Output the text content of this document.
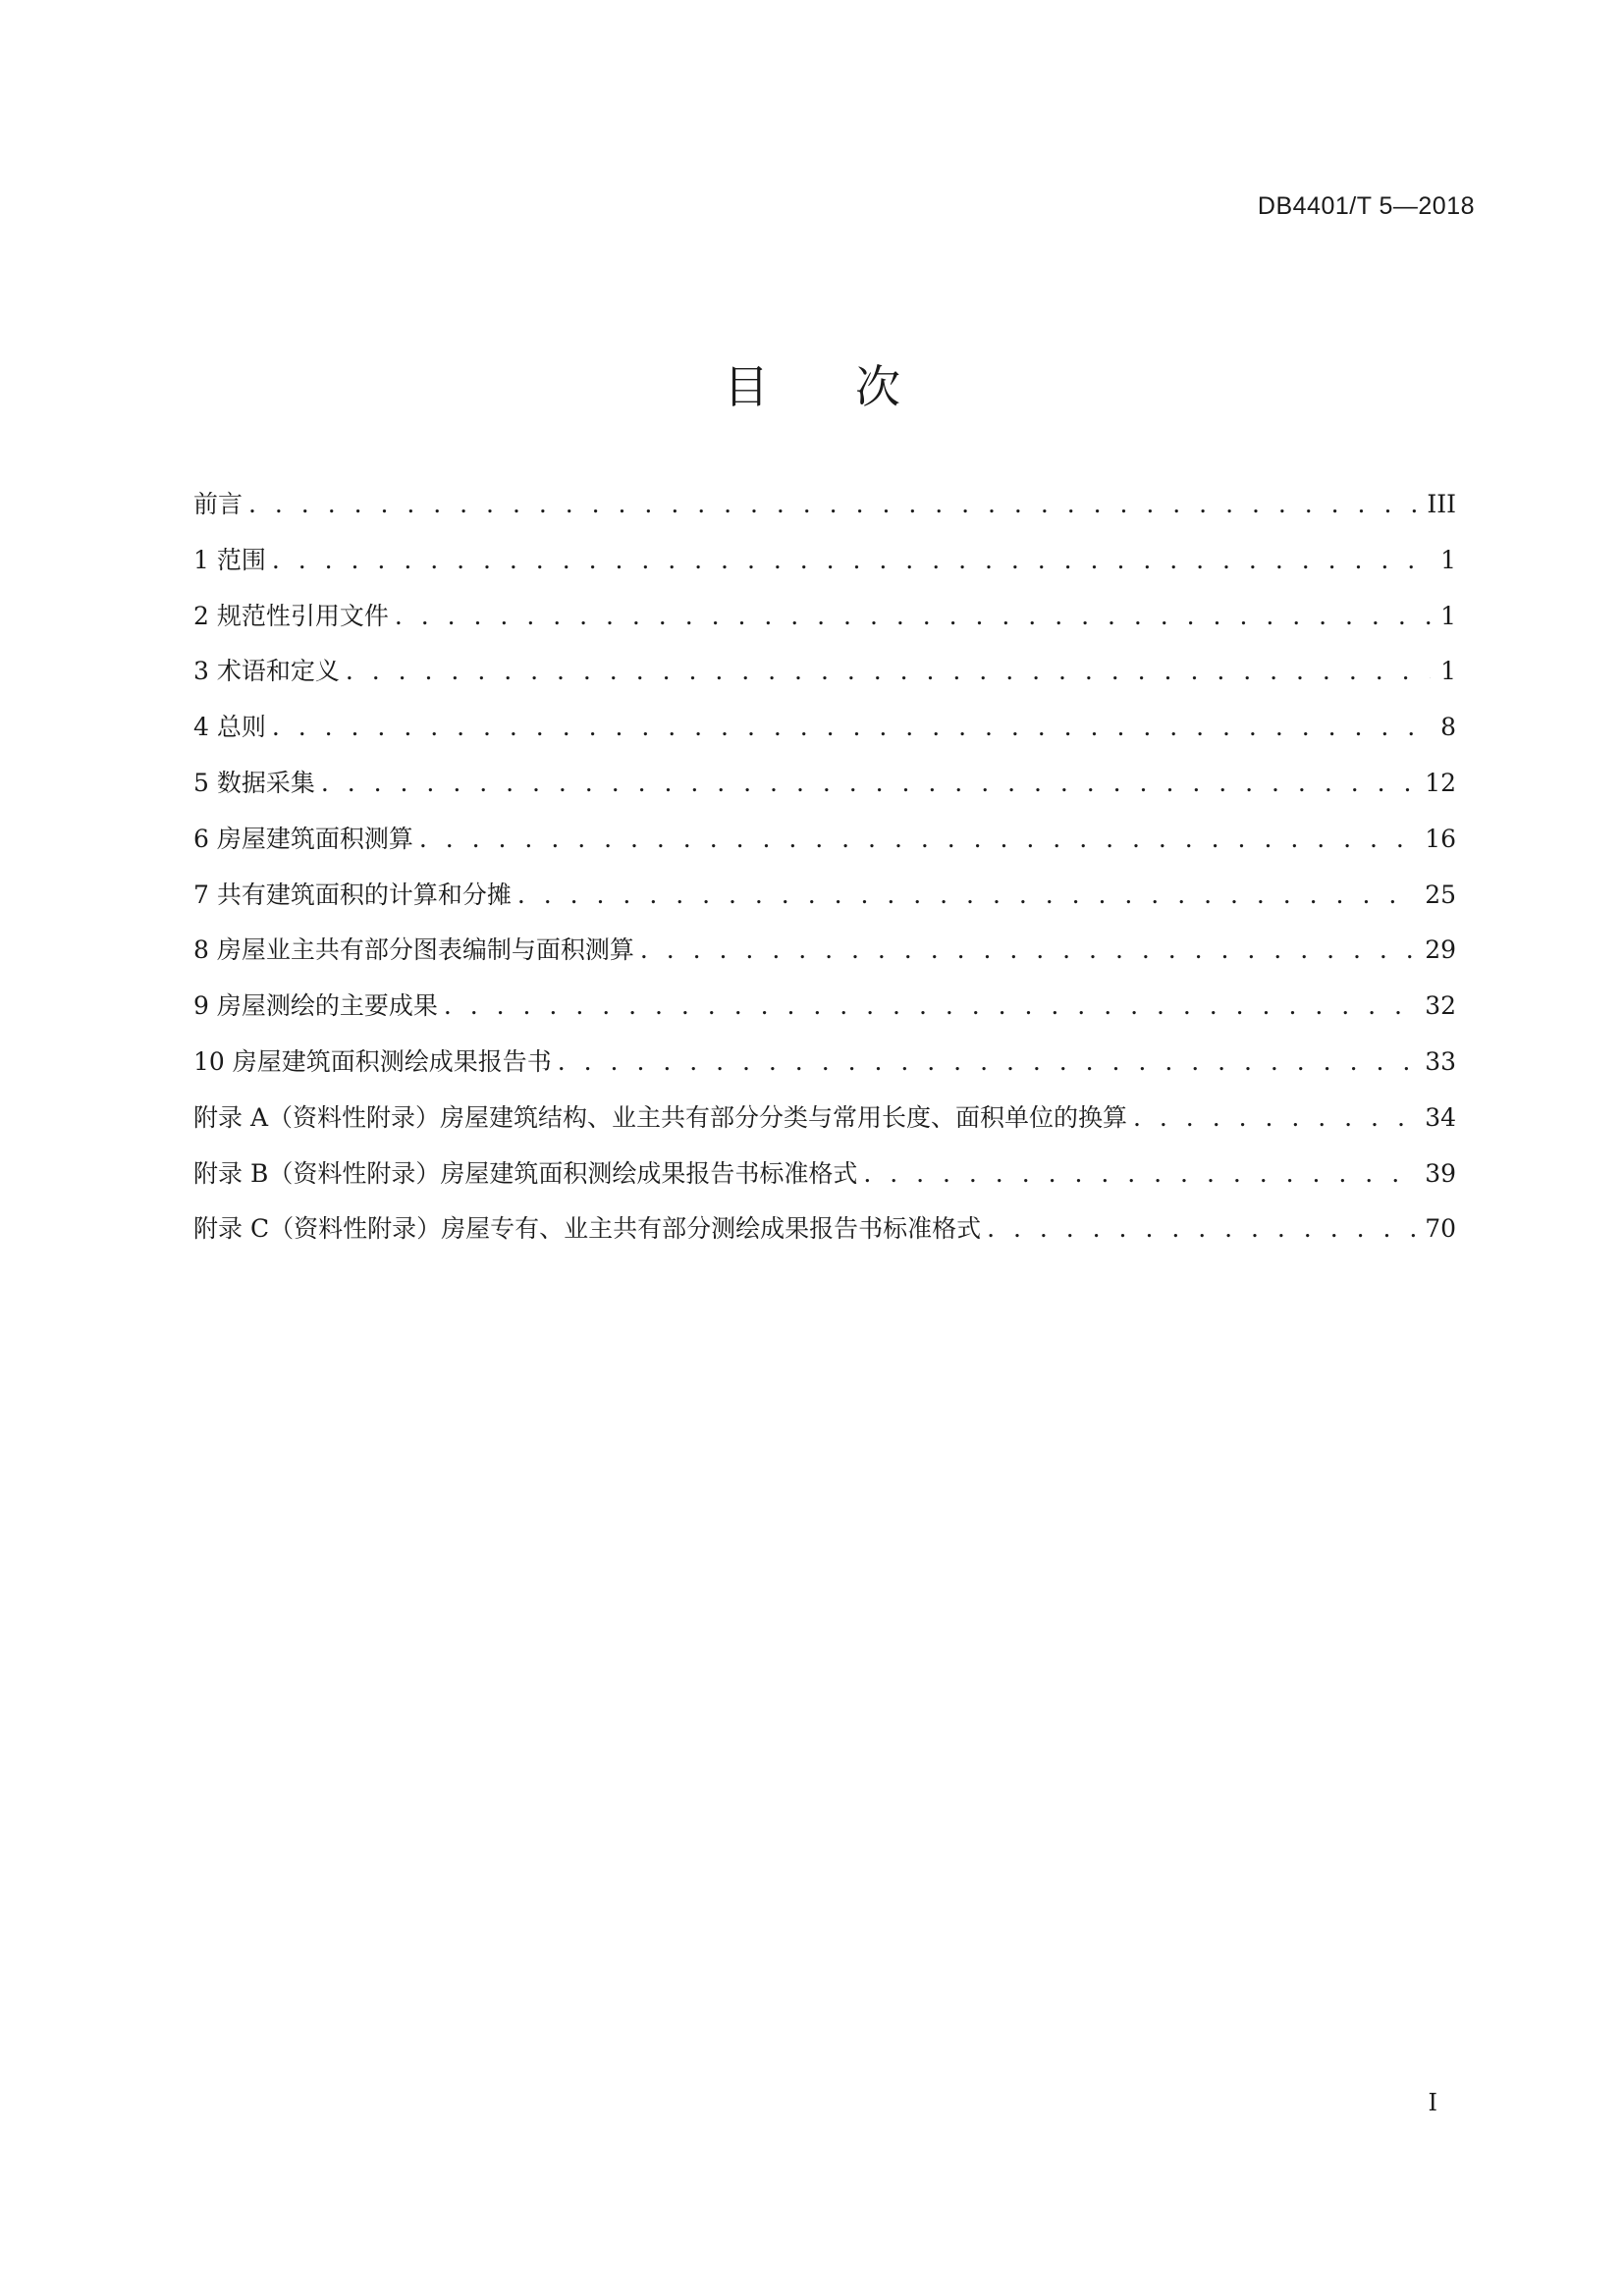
DB4401/T 5—2018
目次
前言 . . .	III
1 范围 . . .	1
2 规范性引用文件 . . .	1
3 术语和定义 . . .	1
4 总则 . . .	8
5 数据采集 . . .	12
6 房屋建筑面积测算 . . .	16
7 共有建筑面积的计算和分摊 . . .	25
8 房屋业主共有部分图表编制与面积测算 . . .	29
9 房屋测绘的主要成果 . . .	32
10 房屋建筑面积测绘成果报告书 . . .	33
附录 A（资料性附录）房屋建筑结构、业主共有部分分类与常用长度、面积单位的换算 . . .	34
附录 B（资料性附录）房屋建筑面积测绘成果报告书标准格式 . . .	39
附录 C（资料性附录）房屋专有、业主共有部分测绘成果报告书标准格式 . . .	70
I
